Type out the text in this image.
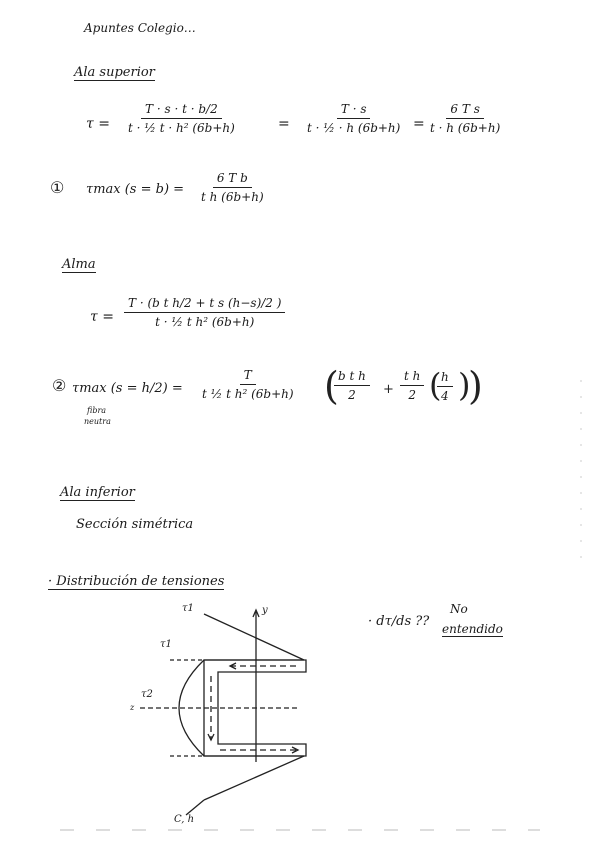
Apuntes Colegio…
Ala superior
$\tau = \frac{T \cdot s \cdot t \cdot b/2}{\text{t · ½ t · h² (6b+h)}}$	= $\frac{T \cdot s}{\text{t · ½ · h (6b+h)}} = \frac{\text{6 T s}}{t \cdot h (6b+h)}$
① τmax $(s = b) = \frac{\text{6 T b}}{\text{t h (6b+h)}}$
Alma
$\tau = \frac{\text{T · (b t h/2 + t s (h−s)/2 )}}{\text{t · ½ t h² (6b+h)}}$
② τmax (s = h/2) =
fibra
neutra
$\frac{T}{\text{t ½ t h² (6b+h)}}$ (
$\frac{\text{b t h}}{2} + \frac{\text{t h}}{2}$ (
$\frac{h}{4}$ )
)
Ala inferior
Sección simétrica
· Distribución de tensiones
τ1
τ1
τ2
y
z
C, h
· dτ/ds ??
No
entendido
